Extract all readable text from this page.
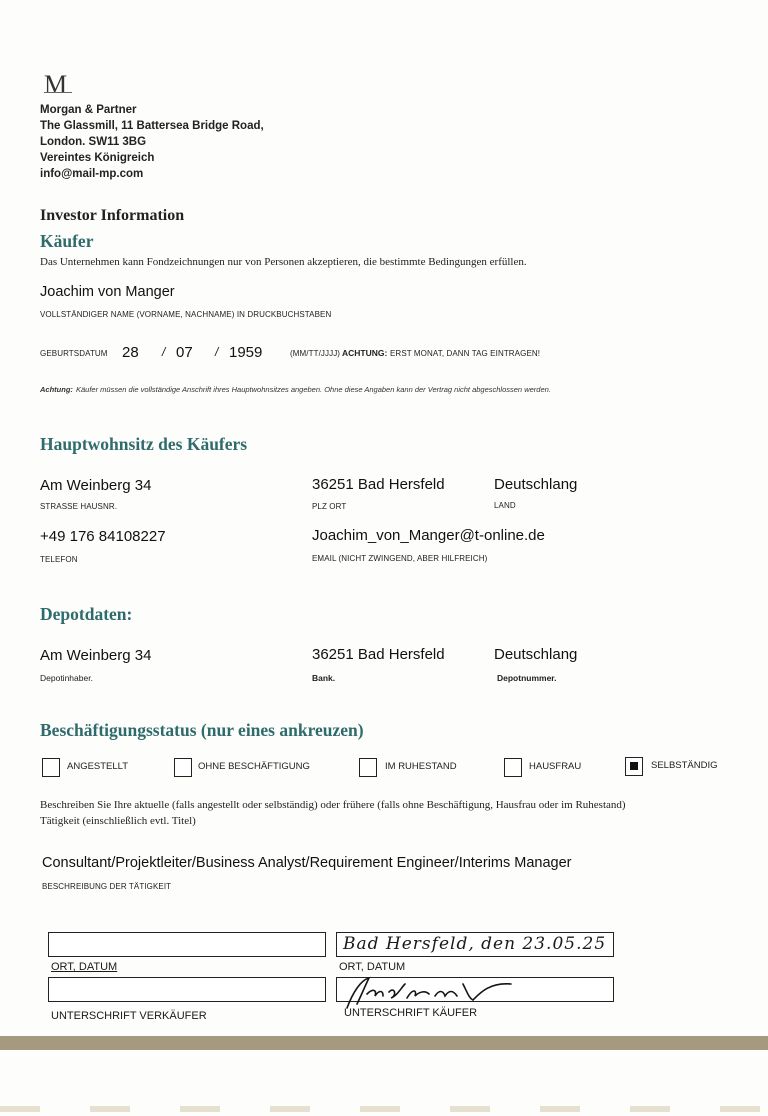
M
Morgan & Partner
The Glassmill, 11 Battersea Bridge Road,
London. SW11 3BG
Vereintes Königreich
info@mail-mp.com
Investor Information
Käufer
Das Unternehmen kann Fondzeichnungen nur von Personen akzeptieren, die bestimmte Bedingungen erfüllen.
Joachim von Manger
VOLLSTÄNDIGER NAME (VORNAME, NACHNAME) IN DRUCKBUCHSTABEN
GEBURTSDATUM 28 / 07 / 1959	(MM/TT/JJJJ) ACHTUNG: ERST MONAT, DANN TAG EINTRAGEN!
Achtung: Käufer müssen die vollständige Anschrift ihres Hauptwohnsitzes angeben. Ohne diese Angaben kann der Vertrag nicht abgeschlossen werden.
Hauptwohnsitz des Käufers
Am Weinberg 34
STRASSE HAUSNR.
36251 Bad Hersfeld
PLZ ORT
Deutschlang
LAND
+49 176 84108227
TELEFON
Joachim_von_Manger@t-online.de
EMAIL (NICHT ZWINGEND, ABER HILFREICH)
Depotdaten:
Am Weinberg 34
Depotinhaber.
36251 Bad Hersfeld
Bank.
Deutschlang
Depotnummer.
Beschäftigungsstatus (nur eines ankreuzen)
ANGESTELLT	OHNE BESCHÄFTIGUNG	IM RUHESTAND	HAUSFRAU	SELBSTÄNDIG
Beschreiben Sie Ihre aktuelle (falls angestellt oder selbständig) oder frühere (falls ohne Beschäftigung, Hausfrau oder im Ruhestand)
Tätigkeit (einschließlich evtl. Titel)
Consultant/Projektleiter/Business Analyst/Requirement Engineer/Interims Manager
BESCHREIBUNG DER TÄTIGKEIT
ORT, DATUM
Bad Hersfeld, den 23.05.25
ORT, DATUM
UNTERSCHRIFT VERKÄUFER	UNTERSCHRIFT KÄUFER
